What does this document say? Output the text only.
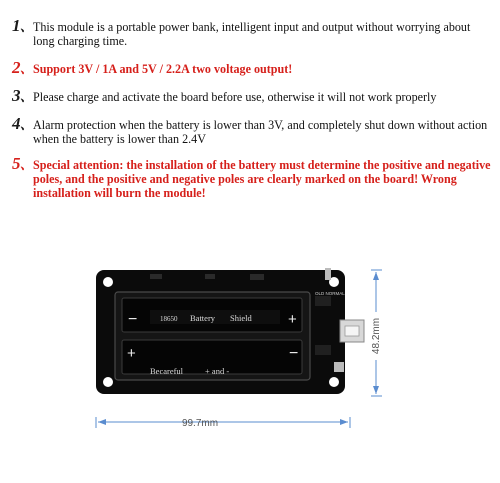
1、 This module is a portable power bank, intelligent input and output without worrying about long charging time.
2、 Support 3V / 1A and 5V / 2.2A two voltage output!
3、 Please charge and activate the board before use, otherwise it will not work properly
4、 Alarm protection when the battery is lower than 3V, and completely shut down without action when the battery is lower than 2.4V
5、 Special attention: the installation of the battery must determine the positive and negative poles, and the positive and negative poles are clearly marked on the board! Wrong installation will burn the module!
−	+
+	−
18650 Battery Shield
Becareful	+ and -
OLD NORMAL
99.7mm
48.2mm
